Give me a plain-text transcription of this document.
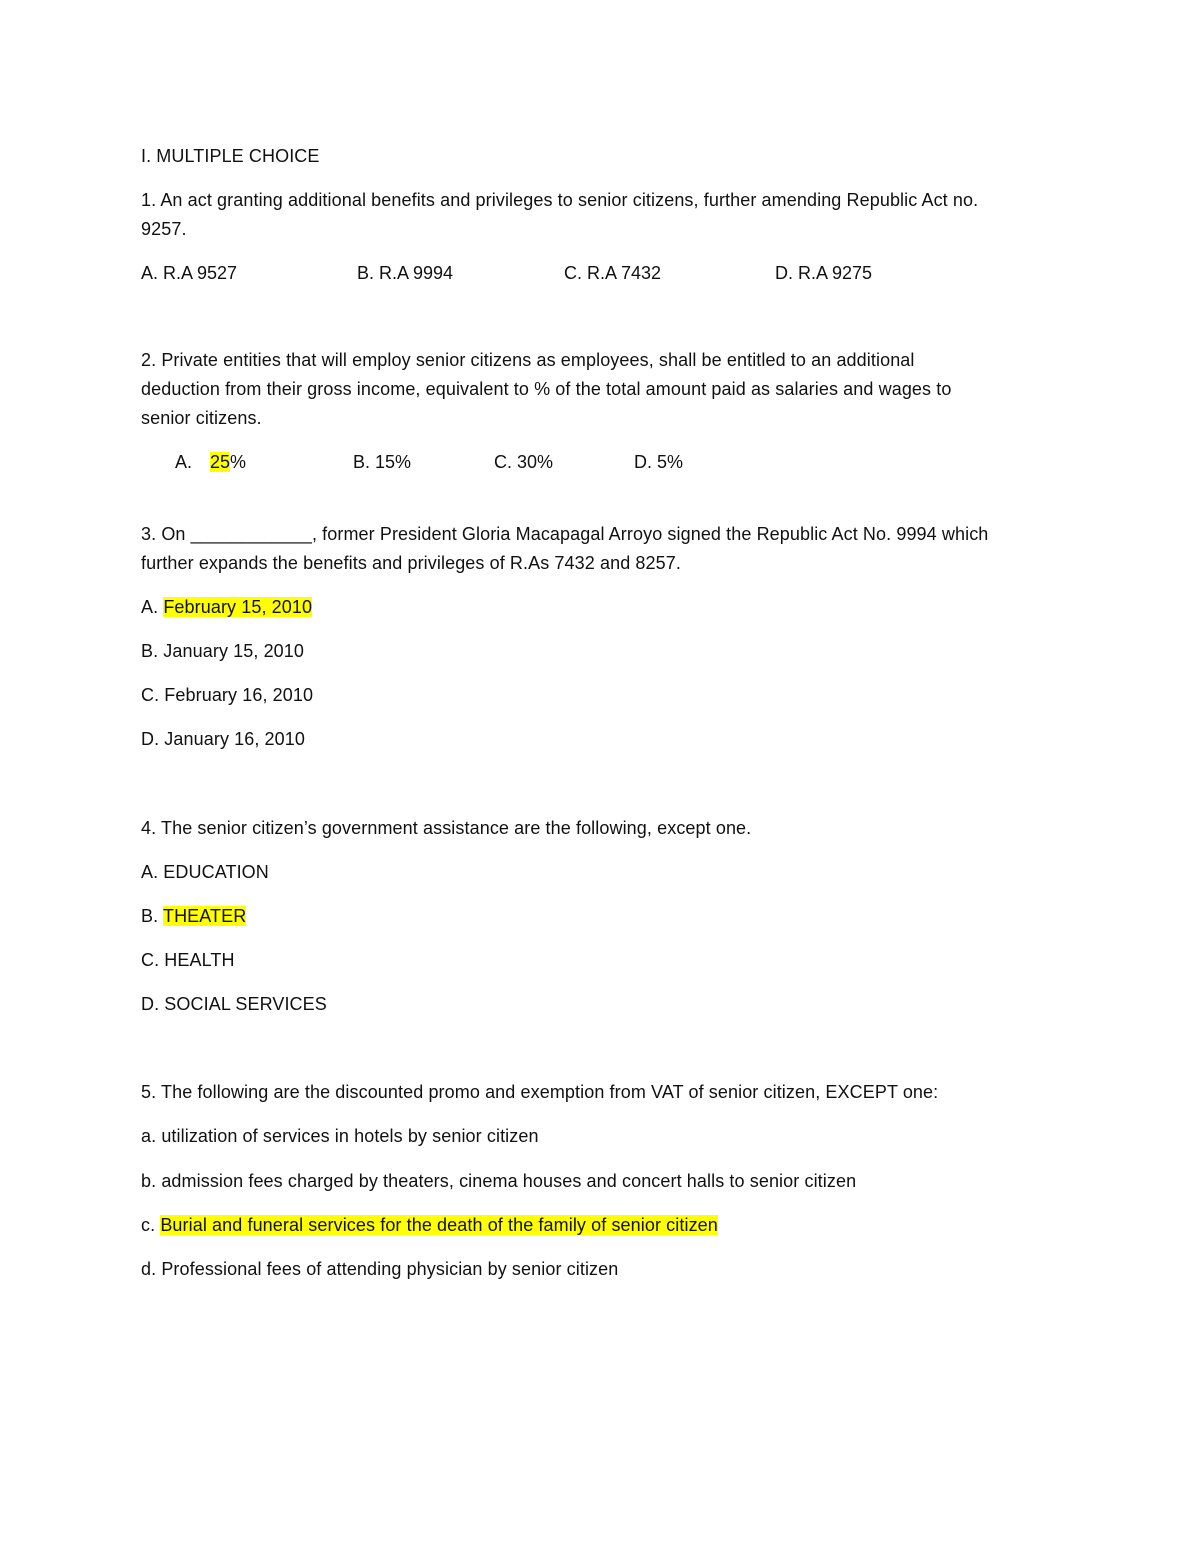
I. MULTIPLE CHOICE
1. An act granting additional benefits and privileges to senior citizens, further amending Republic Act no.
9257.
A. R.A 9527	B. R.A 9994	C. R.A 7432	D. R.A 9275
2. Private entities that will employ senior citizens as employees, shall be entitled to an additional
deduction from their gross income, equivalent to % of the total amount paid as salaries and wages to
senior citizens.
A. 25%	B. 15%	C. 30%	D. 5%
3. On ____________, former President Gloria Macapagal Arroyo signed the Republic Act No. 9994 which
further expands the benefits and privileges of R.As 7432 and 8257.
A. February 15, 2010
B. January 15, 2010
C. February 16, 2010
D. January 16, 2010
4. The senior citizen’s government assistance are the following, except one.
A. EDUCATION
B. THEATER
C. HEALTH
D. SOCIAL SERVICES
5. The following are the discounted promo and exemption from VAT of senior citizen, EXCEPT one:
a. utilization of services in hotels by senior citizen
b. admission fees charged by theaters, cinema houses and concert halls to senior citizen
c. Burial and funeral services for the death of the family of senior citizen
d. Professional fees of attending physician by senior citizen
